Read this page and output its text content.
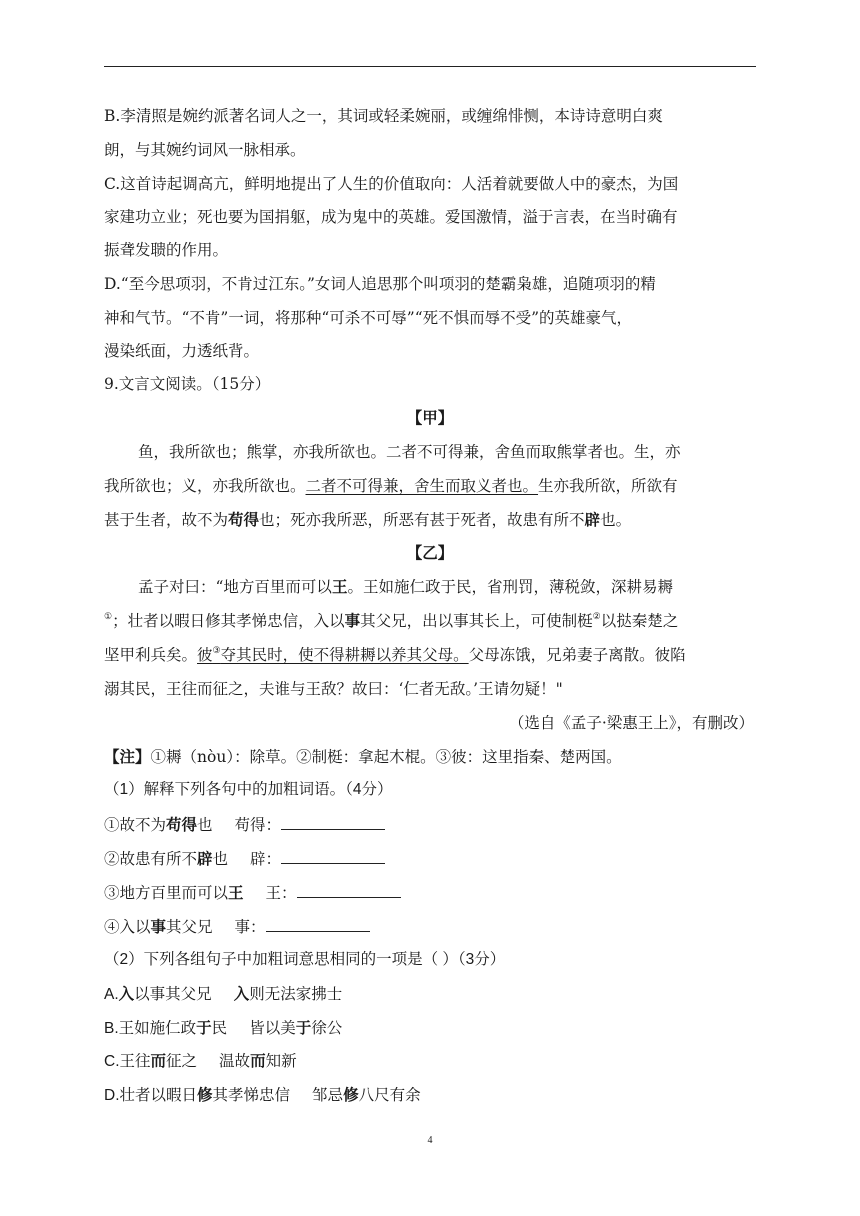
B.李清照是婉约派著名词人之一，其词或轻柔婉丽，或缠绵悱恻，本诗诗意明白爽
朗，与其婉约词风一脉相承。
C.这首诗起调高亢，鲜明地提出了人生的价值取向：人活着就要做人中的豪杰，为国
家建功立业；死也要为国捐躯，成为鬼中的英雄。爱国激情，溢于言表，在当时确有
振聋发聩的作用。
D.“至今思项羽，不肯过江东。”女词人追思那个叫项羽的楚霸枭雄，追随项羽的精
神和气节。“不肯”一词，将那种“可杀不可辱”“死不惧而辱不受”的英雄豪气，
漫染纸面，力透纸背。
9.文言文阅读。（15分）
【甲】
鱼，我所欲也；熊掌，亦我所欲也。二者不可得兼，舍鱼而取熊掌者也。生，亦
我所欲也；义，亦我所欲也。二者不可得兼，舍生而取义者也。生亦我所欲，所欲有
甚于生者，故不为苟得也；死亦我所恶，所恶有甚于死者，故患有所不辟也。
【乙】
孟子对曰：“地方百里而可以王。王如施仁政于民，省刑罚，薄税敛，深耕易耨
①；壮者以暇日修其孝悌忠信，入以事其父兄，出以事其长上，可使制梃②以挞秦楚之
坚甲利兵矣。彼③夺其民时，使不得耕耨以养其父母。父母冻饿，兄弟妻子离散。彼陷
溺其民，王往而征之，夫谁与王敌？故曰：‘仁者无敌。’王请勿疑！"
（选自《孟子·梁惠王上》，有删改）
【注】①耨（nòu）：除草。②制梃：拿起木棍。③彼：这里指秦、楚两国。
（1）解释下列各句中的加粗词语。（4分）
①故不为苟得也 苟得：
②故患有所不辟也 辟：
③地方百里而可以王 王：
④入以事其父兄 事：
（2）下列各组句子中加粗词意思相同的一项是（ ）（3分）
A.入以事其父兄 入则无法家拂士
B.王如施仁政于民 皆以美于徐公
C.王往而征之 温故而知新
D.壮者以暇日修其孝悌忠信 邹忌修八尺有余
4
